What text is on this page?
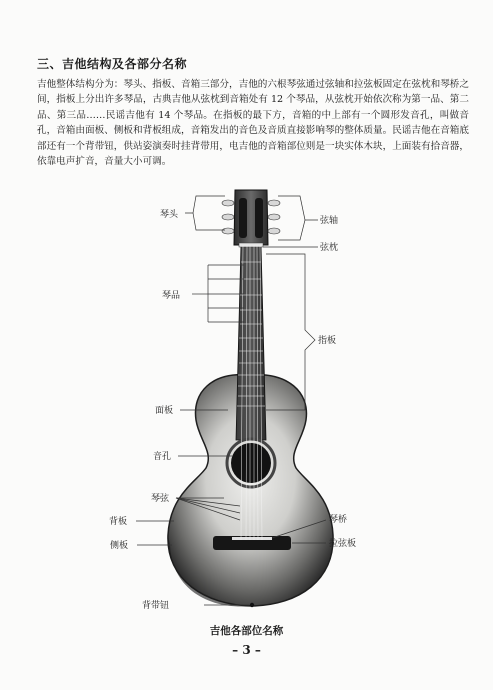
三、吉他结构及各部分名称
吉他整体结构分为：琴头、指板、音箱三部分，吉他的六根琴弦通过弦轴和拉弦板固定在弦枕和琴桥之间，指板上分出许多琴品，古典吉他从弦枕到音箱处有 12 个琴品，从弦枕开始依次称为第一品、第二品、第三品……民谣吉他有 14 个琴品。在指板的最下方，音箱的中上部有一个圆形发音孔，叫做音孔，音箱由面板、侧板和背板组成，音箱发出的音色及音质直接影响琴的整体质量。民谣吉他在音箱底部还有一个背带钮，供站姿演奏时挂背带用，电吉他的音箱部位则是一块实体木块，上面装有拾音器，依靠电声扩音，音量大小可调。
琴头
弦轴
弦枕
琴品
指板
面板
音孔
琴弦
背板
侧板
琴桥
拉弦板
背带钮
吉他各部位名称
– 3 –
